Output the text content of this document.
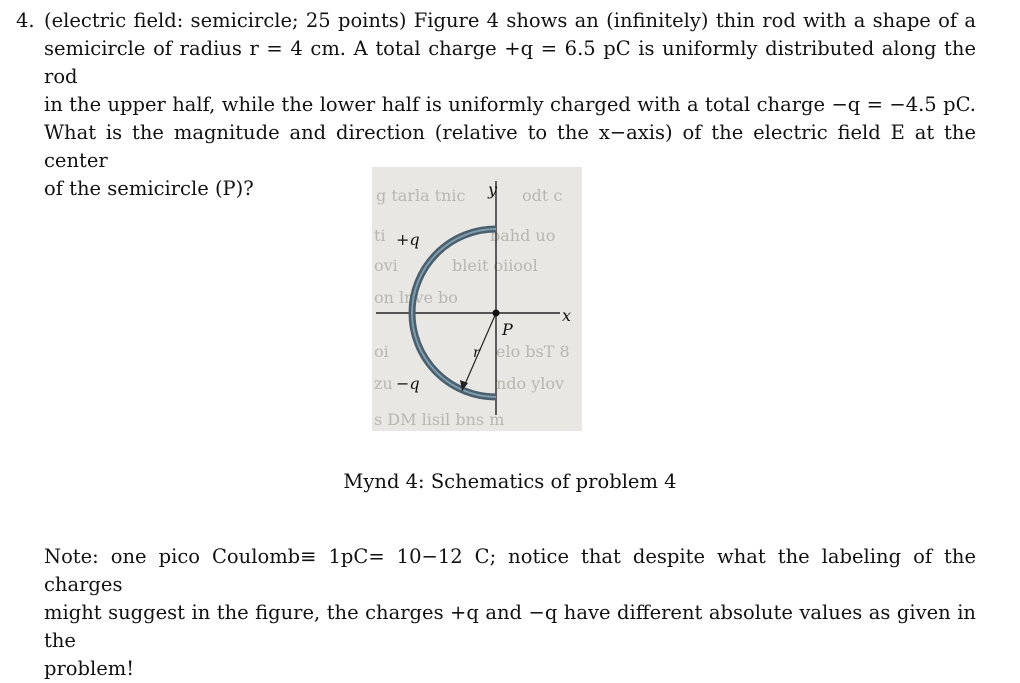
4. (electric field: semicircle; 25 points) Figure 4 shows an (infinitely) thin rod with a shape of a
semicircle of radius r = 4 cm. A total charge +q = 6.5 pC is uniformly distributed along the rod
in the upper half, while the lower half is uniformly charged with a total charge −q = −4.5 pC.
What is the magnitude and direction (relative to the x−axis) of the electric field E at the center
of the semicircle (P)?	g tarla tnic	odt c
ti	bahd uo
bleit oiiool
ovi
on lnve bo
oi	elo bsT 8
zu	ndo ylov
s DM lisil bns m
y
x
P
r
+q
−q
Mynd 4: Schematics of problem 4
Note: one pico Coulomb≡ 1pC= 10−12 C; notice that despite what the labeling of the charges
might suggest in the figure, the charges +q and −q have different absolute values as given in the
problem!
